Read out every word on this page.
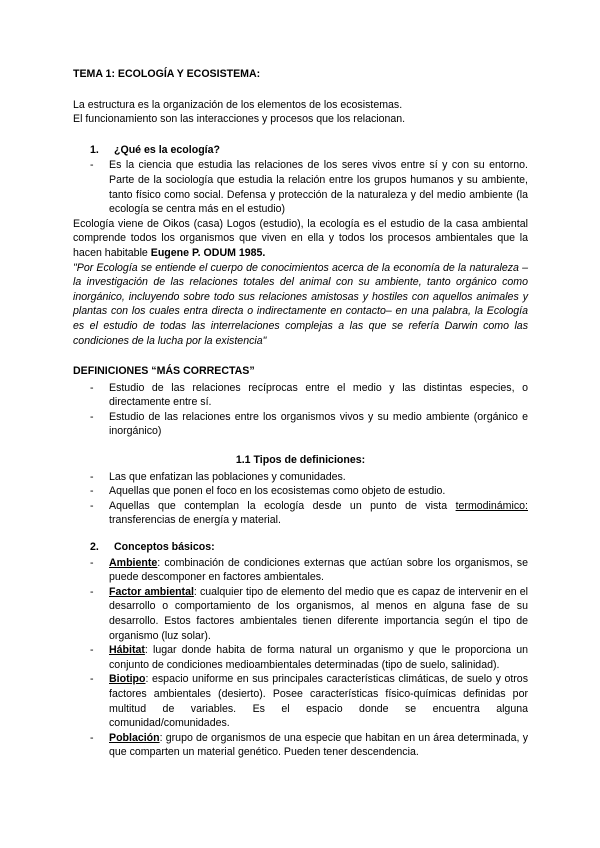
TEMA 1: ECOLOGÍA Y ECOSISTEMA:

La estructura es la organización de los elementos de los ecosistemas.

El funcionamiento son las interacciones y procesos que los relacionan.

1.	¿Qué es la ecología?
-	Es la ciencia que estudia las relaciones de los seres vivos entre sí y con su entorno. Parte de la sociología que estudia la relación entre los grupos humanos y su ambiente, tanto físico como social. Defensa y protección de la naturaleza y del medio ambiente (la ecología se centra más en el estudio)

Ecología viene de Oikos (casa) Logos (estudio), la ecología es el estudio de la casa ambiental comprende todos los organismos que viven en ella y todos los procesos ambientales que la hacen habitable Eugene P. ODUM 1985.

"Por Ecología se entiende el cuerpo de conocimientos acerca de la economía de la naturaleza –la investigación de las relaciones totales del animal con su ambiente, tanto orgánico como inorgánico, incluyendo sobre todo sus relaciones amistosas y hostiles con aquellos animales y plantas con los cuales entra directa o indirectamente en contacto– en una palabra, la Ecología es el estudio de todas las interrelaciones complejas a las que se refería Darwin como las condiciones de la lucha por la existencia"

DEFINICIONES “MÁS CORRECTAS”

-	Estudio de las relaciones recíprocas entre el medio y las distintas especies, o directamente entre sí.
-	Estudio de las relaciones entre los organismos vivos y su medio ambiente (orgánico e inorgánico)

1.1 Tipos de definiciones:

-	Las que enfatizan las poblaciones y comunidades.
-	Aquellas que ponen el foco en los ecosistemas como objeto de estudio.
-	Aquellas que contemplan la ecología desde un punto de vista termodinámico: transferencias de energía y material.
2.	Conceptos básicos:
-	Ambiente: combinación de condiciones externas que actúan sobre los organismos, se puede descomponer en factores ambientales.
-	Factor ambiental: cualquier tipo de elemento del medio que es capaz de intervenir en el desarrollo o comportamiento de los organismos, al menos en alguna fase de su desarrollo. Estos factores ambientales tienen diferente importancia según el tipo de organismo (luz solar).
-	Hábitat: lugar donde habita de forma natural un organismo y que le proporciona un conjunto de condiciones medioambientales determinadas (tipo de suelo, salinidad).
-	Biotipo: espacio uniforme en sus principales características climáticas, de suelo y otros factores ambientales (desierto). Posee características físico-químicas definidas por multitud de variables. Es el espacio donde se encuentra alguna comunidad/comunidades.
-	Población: grupo de organismos de una especie que habitan en un área determinada, y que comparten un material genético. Pueden tener descendencia.
